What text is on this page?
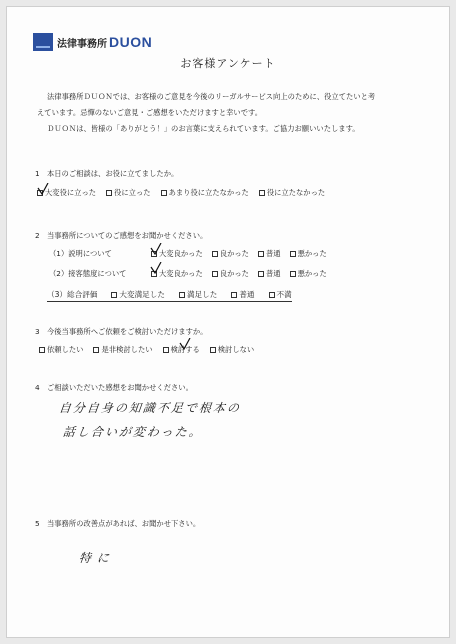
法律事務所 DUON
お客様アンケート

法律事務所ＤＵＯＮでは、お客様のご意見を今後のリーガルサービス向上のために、役立てたいと考

えています。忌憚のないご意見・ご感想をいただけますと幸いです。

ＤＵＯＮは、皆様の「ありがとう！」のお言葉に支えられています。ご協力お願いいたします。

1　本日のご相談は、お役に立てましたか。
大変役に立った 役に立った あまり役に立たなかった 役に立たなかった
2　当事務所についてのご感想をお聞かせください。
（1）説明について	大変良かった 良かった 普通 悪かった
（2）接客態度について	大変良かった 良かった 普通 悪かった
（3）総合評価	大変満足した	満足した	普通	不満
3　今後当事務所へご依頼をご検討いただけますか。
依頼したい 是非検討したい 検討する 検討しない
4　ご相談いただいた感想をお聞かせください。
自分自身の知識不足で根本の
話し合いが変わった。
5　当事務所の改善点があれば、お聞かせ下さい。
特に
